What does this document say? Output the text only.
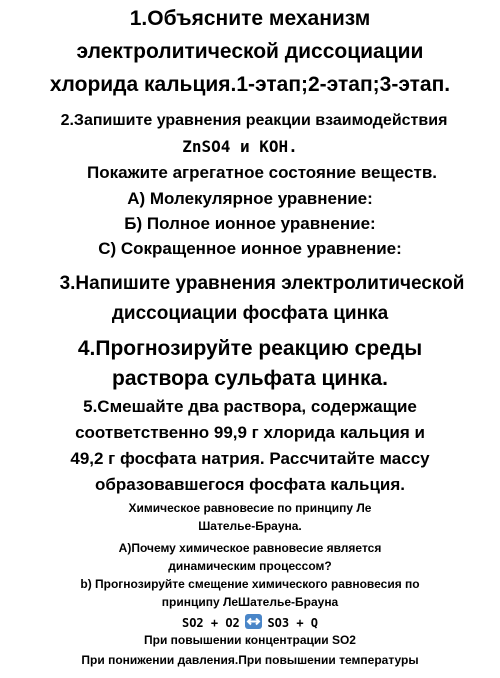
1.Объясните механизм
электролитической диссоциации
хлорида кальция.1-этап;2-этап;3-этап.
2.Запишите уравнения реакции взаимодействия
ZnSO4 и KOH.
Покажите агрегатное состояние веществ.
А) Молекулярное уравнение:
Б) Полное ионное уравнение:
С) Сокращенное ионное уравнение:
3.Напишите уравнения электролитической
диссоциации фосфата цинка
4.Прогнозируйте реакцию среды
раствора сульфата цинка.
5.Смешайте два раствора, содержащие
соответственно 99,9 г хлорида кальция и
49,2 г фосфата натрия. Рассчитайте массу
образовавшегося фосфата кальция.
Химическое равновесие по принципу Ле
Шателье-Брауна.
А)Почему химическое равновесие является
динамическим процессом?
b) Прогнозируйте смещение химического равновесия по
принципу ЛеШателье-Брауна
SO2 + O2 SO3 + Q
При повышении концентрации SO2
При понижении давления.При повышении температуры
